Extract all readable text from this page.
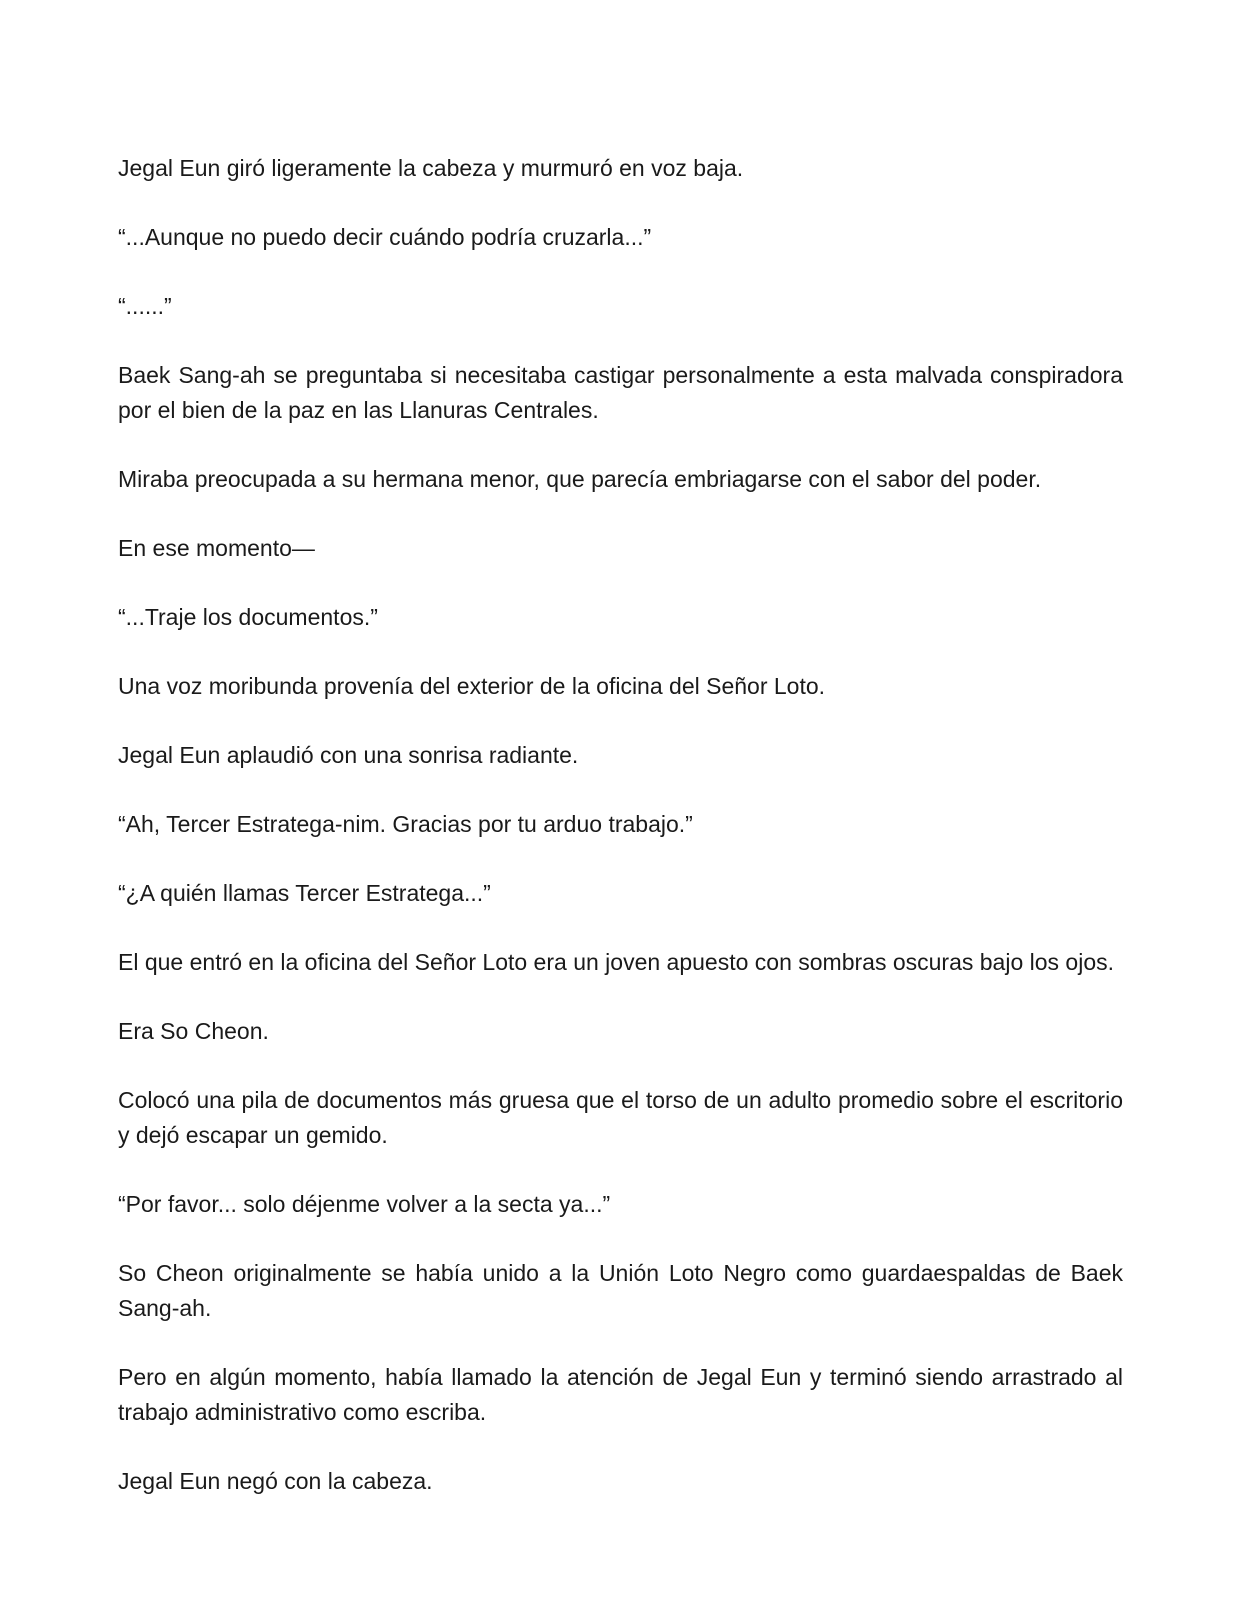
Jegal Eun giró ligeramente la cabeza y murmuró en voz baja.

“...Aunque no puedo decir cuándo podría cruzarla...”

“......”

Baek Sang-ah se preguntaba si necesitaba castigar personalmente a esta malvada conspiradora por el bien de la paz en las Llanuras Centrales.

Miraba preocupada a su hermana menor, que parecía embriagarse con el sabor del poder.

En ese momento—

“...Traje los documentos.”

Una voz moribunda provenía del exterior de la oficina del Señor Loto.

Jegal Eun aplaudió con una sonrisa radiante.

“Ah, Tercer Estratega-nim. Gracias por tu arduo trabajo.”

“¿A quién llamas Tercer Estratega...”

El que entró en la oficina del Señor Loto era un joven apuesto con sombras oscuras bajo los ojos.

Era So Cheon.

Colocó una pila de documentos más gruesa que el torso de un adulto promedio sobre el escritorio y dejó escapar un gemido.

“Por favor... solo déjenme volver a la secta ya...”

So Cheon originalmente se había unido a la Unión Loto Negro como guardaespaldas de Baek Sang-ah.

Pero en algún momento, había llamado la atención de Jegal Eun y terminó siendo arrastrado al trabajo administrativo como escriba.

Jegal Eun negó con la cabeza.
